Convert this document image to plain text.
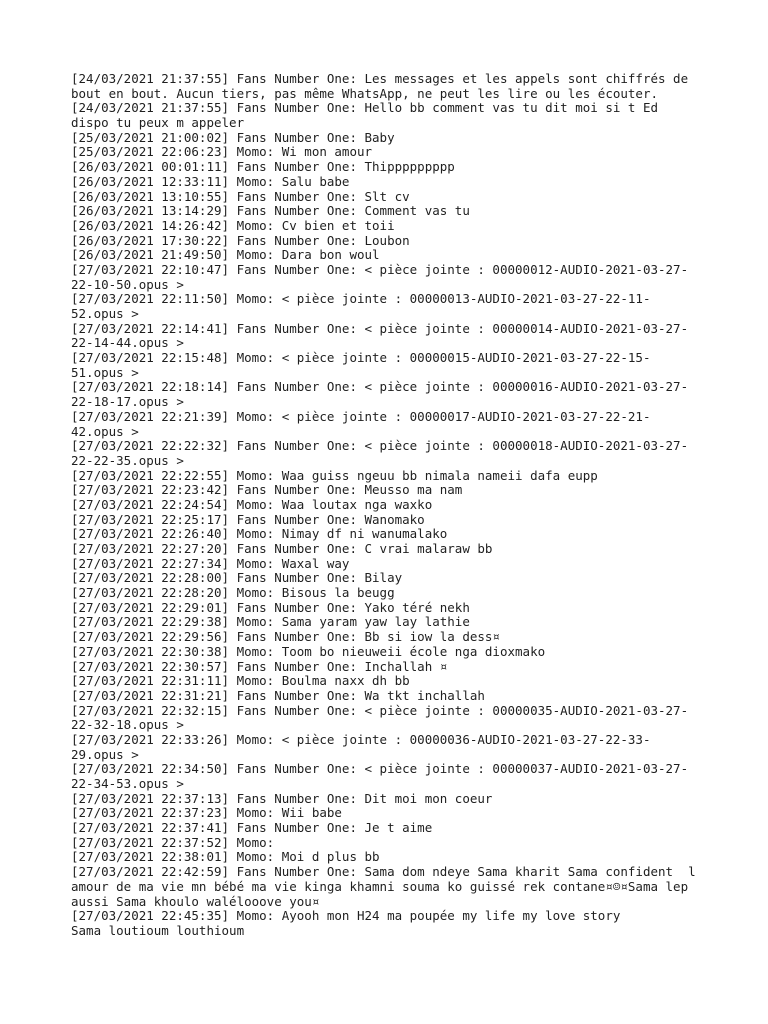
[24/03/2021 21:37:55] Fans Number One: Les messages et les appels sont chiffrés de
bout en bout. Aucun tiers, pas même WhatsApp, ne peut les lire ou les écouter.
[24/03/2021 21:37:55] Fans Number One: Hello bb comment vas tu dit moi si t Ed
dispo tu peux m appeler
[25/03/2021 21:00:02] Fans Number One: Baby
[25/03/2021 22:06:23] Momo: Wi mon amour
[26/03/2021 00:01:11] Fans Number One: Thippppppppp
[26/03/2021 12:33:11] Momo: Salu babe
[26/03/2021 13:10:55] Fans Number One: Slt cv
[26/03/2021 13:14:29] Fans Number One: Comment vas tu
[26/03/2021 14:26:42] Momo: Cv bien et toii
[26/03/2021 17:30:22] Fans Number One: Loubon
[26/03/2021 21:49:50] Momo: Dara bon woul
[27/03/2021 22:10:47] Fans Number One: < pièce jointe : 00000012-AUDIO-2021-03-27-
22-10-50.opus >
[27/03/2021 22:11:50] Momo: < pièce jointe : 00000013-AUDIO-2021-03-27-22-11-
52.opus >
[27/03/2021 22:14:41] Fans Number One: < pièce jointe : 00000014-AUDIO-2021-03-27-
22-14-44.opus >
[27/03/2021 22:15:48] Momo: < pièce jointe : 00000015-AUDIO-2021-03-27-22-15-
51.opus >
[27/03/2021 22:18:14] Fans Number One: < pièce jointe : 00000016-AUDIO-2021-03-27-
22-18-17.opus >
[27/03/2021 22:21:39] Momo: < pièce jointe : 00000017-AUDIO-2021-03-27-22-21-
42.opus >
[27/03/2021 22:22:32] Fans Number One: < pièce jointe : 00000018-AUDIO-2021-03-27-
22-22-35.opus >
[27/03/2021 22:22:55] Momo: Waa guiss ngeuu bb nimala nameii dafa eupp
[27/03/2021 22:23:42] Fans Number One: Meusso ma nam
[27/03/2021 22:24:54] Momo: Waa loutax nga waxko
[27/03/2021 22:25:17] Fans Number One: Wanomako
[27/03/2021 22:26:40] Momo: Nimay df ni wanumalako
[27/03/2021 22:27:20] Fans Number One: C vrai malaraw bb
[27/03/2021 22:27:34] Momo: Waxal way
[27/03/2021 22:28:00] Fans Number One: Bilay
[27/03/2021 22:28:20] Momo: Bisous la beugg
[27/03/2021 22:29:01] Fans Number One: Yako téré nekh
[27/03/2021 22:29:38] Momo: Sama yaram yaw lay lathie
[27/03/2021 22:29:56] Fans Number One: Bb si iow la dess¤
[27/03/2021 22:30:38] Momo: Toom bo nieuweii école nga dioxmako
[27/03/2021 22:30:57] Fans Number One: Inchallah ¤
[27/03/2021 22:31:11] Momo: Boulma naxx dh bb
[27/03/2021 22:31:21] Fans Number One: Wa tkt inchallah
[27/03/2021 22:32:15] Fans Number One: < pièce jointe : 00000035-AUDIO-2021-03-27-
22-32-18.opus >
[27/03/2021 22:33:26] Momo: < pièce jointe : 00000036-AUDIO-2021-03-27-22-33-
29.opus >
[27/03/2021 22:34:50] Fans Number One: < pièce jointe : 00000037-AUDIO-2021-03-27-
22-34-53.opus >
[27/03/2021 22:37:13] Fans Number One: Dit moi mon coeur
[27/03/2021 22:37:23] Momo: Wii babe
[27/03/2021 22:37:41] Fans Number One: Je t aime
[27/03/2021 22:37:52] Momo:
[27/03/2021 22:38:01] Momo: Moi d plus bb
[27/03/2021 22:42:59] Fans Number One: Sama dom ndeye Sama kharit Sama confident  l
amour de ma vie mn bébé ma vie kinga khamni souma ko guissé rek contane¤☺¤Sama lep
aussi Sama khoulo walélooove you¤
[27/03/2021 22:45:35] Momo: Ayooh mon H24 ma poupée my life my love story
Sama loutioum louthioum
